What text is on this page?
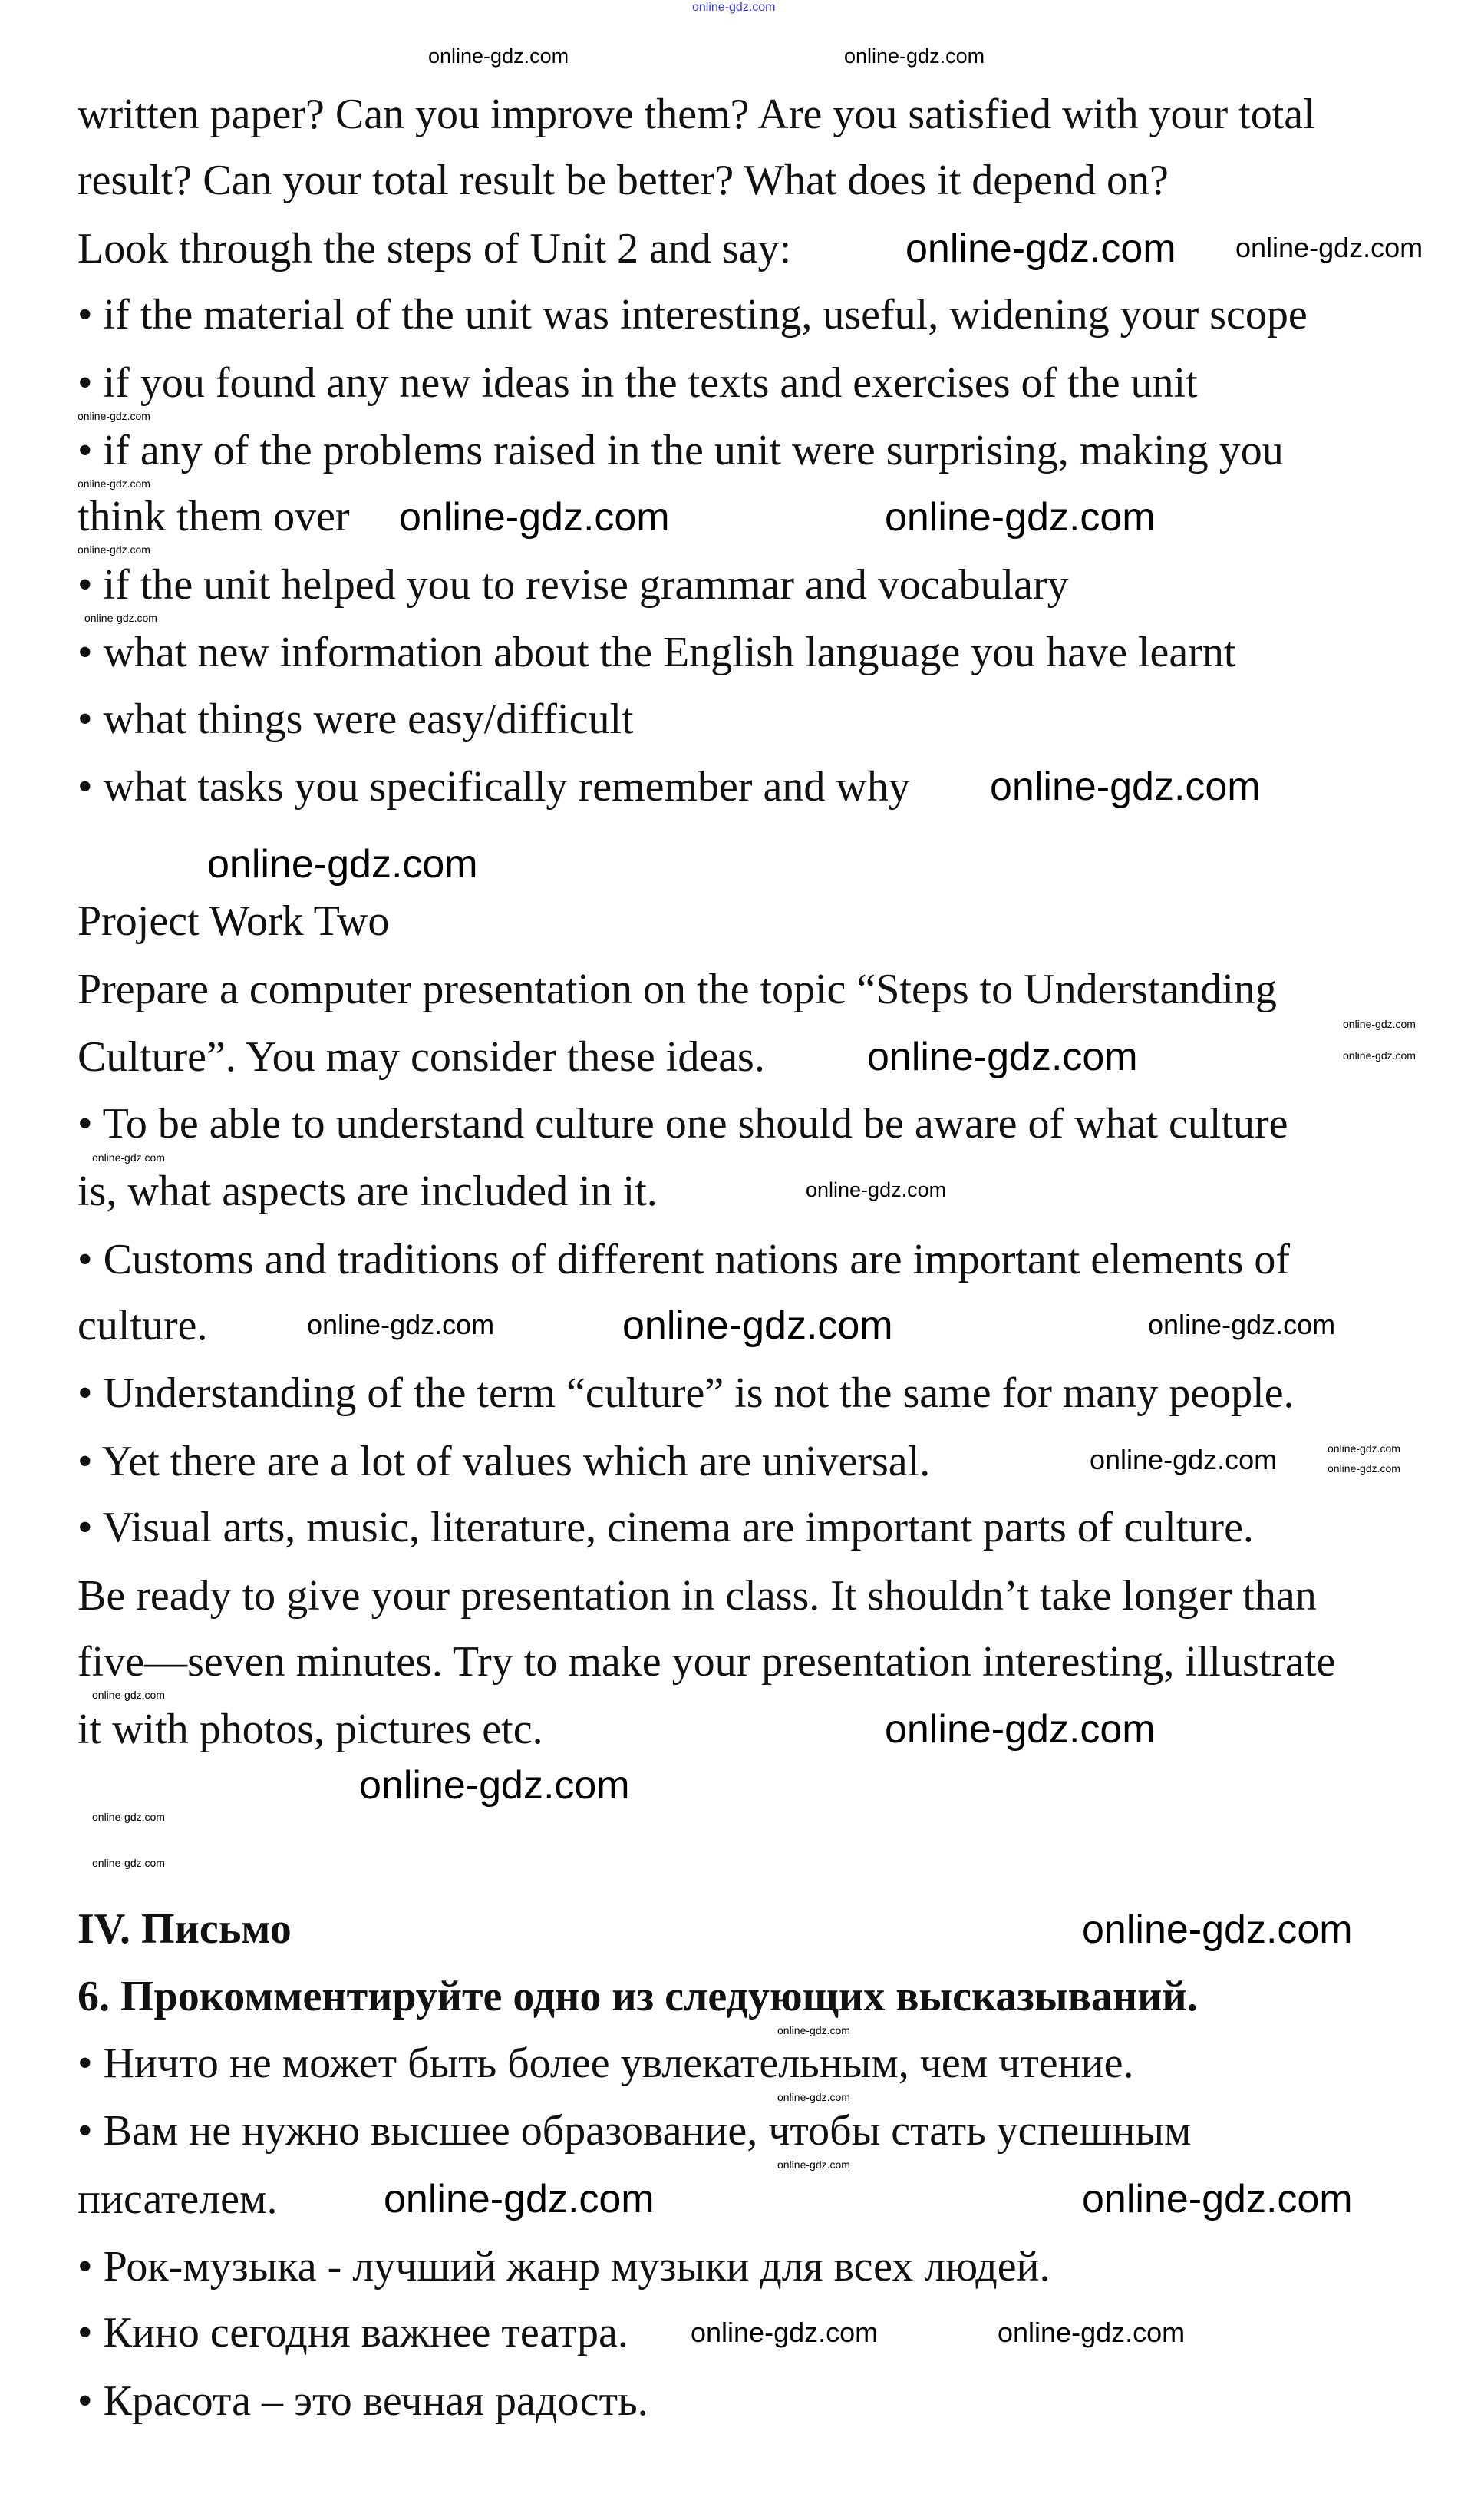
written paper? Can you improve them? Are you satisfied with your total
result? Can your total result be better? What does it depend on?
Look through the steps of Unit 2 and say:
• if the material of the unit was interesting, useful, widening your scope
• if you found any new ideas in the texts and exercises of the unit
• if any of the problems raised in the unit were surprising, making you
think them over
• if the unit helped you to revise grammar and vocabulary
• what new information about the English language you have learnt
• what things were easy/difficult
• what tasks you specifically remember and why
Project Work Two
Prepare a computer presentation on the topic “Steps to Understanding
Culture”. You may consider these ideas.
• To be able to understand culture one should be aware of what culture
is, what aspects are included in it.
• Customs and traditions of different nations are important elements of
culture.
• Understanding of the term “culture” is not the same for many people.
• Yet there are a lot of values which are universal.
• Visual arts, music, literature, cinema are important parts of culture.
Be ready to give your presentation in class. It shouldn’t take longer than
five—seven minutes. Try to make your presentation interesting, illustrate
it with photos, pictures etc.
IV. Письмо
6. Прокомментируйте одно из следующих высказываний.
• Ничто не может быть более увлекательным, чем чтение.
• Вам не нужно высшее образование, чтобы стать успешным
писателем.
• Рок-музыка - лучший жанр музыки для всех людей.
• Кино сегодня важнее театра.
• Красота – это вечная радость.
online-gdz.com
online-gdz.com	online-gdz.com
online-gdz.com online-gdz.com
online-gdz.com
online-gdz.com
online-gdz.com
online-gdz.com
online-gdz.com	online-gdz.com
online-gdz.com
online-gdz.com
online-gdz.com
online-gdz.com
online-gdz.com
online-gdz.com
online-gdz.com
online-gdz.com	online-gdz.com
online-gdz.com
online-gdz.com
online-gdz.com
online-gdz.com
online-gdz.com
online-gdz.com
online-gdz.com
online-gdz.com
online-gdz.com
online-gdz.com
online-gdz.com
online-gdz.com
online-gdz.com
online-gdz.com
online-gdz.com
online-gdz.com	online-gdz.com
